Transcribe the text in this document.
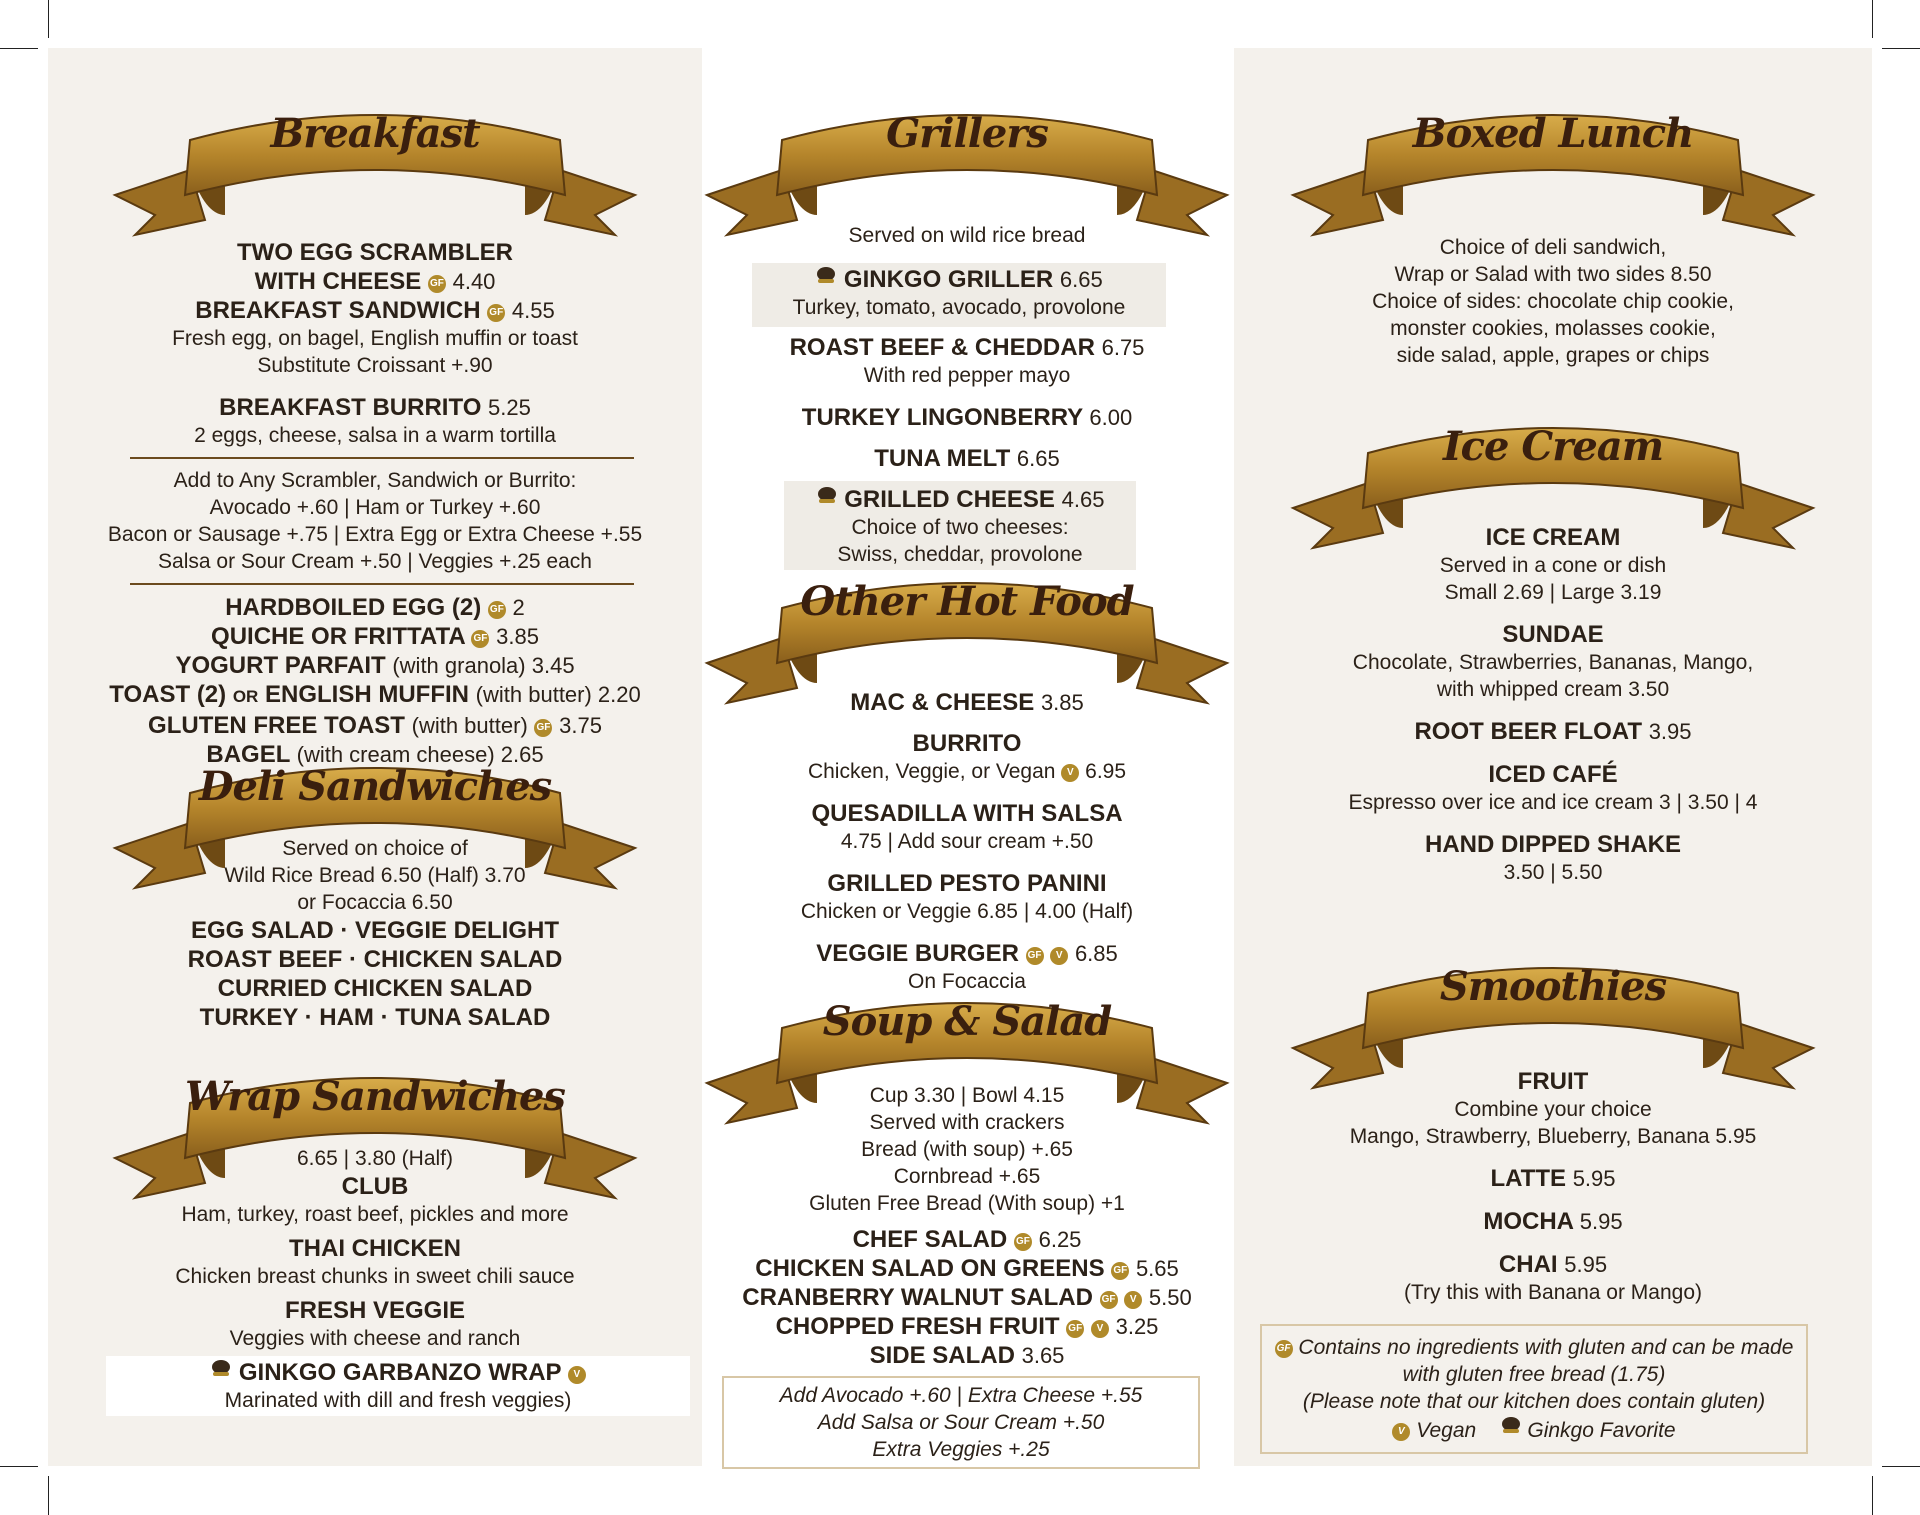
Breakfast
TWO EGG SCRAMBLER
WITH CHEESE GF 4.40
BREAKFAST SANDWICH GF 4.55
Fresh egg, on bagel, English muffin or toast
Substitute Croissant +.90
BREAKFAST BURRITO 5.25
2 eggs, cheese, salsa in a warm tortilla
Add to Any Scrambler, Sandwich or Burrito:
Avocado +.60 | Ham or Turkey +.60
Bacon or Sausage +.75 | Extra Egg or Extra Cheese +.55
Salsa or Sour Cream +.50 | Veggies +.25 each
HARDBOILED EGG (2) GF 2
QUICHE OR FRITTATA GF 3.85
YOGURT PARFAIT (with granola) 3.45
TOAST (2) OR ENGLISH MUFFIN (with butter) 2.20
GLUTEN FREE TOAST (with butter) GF 3.75
BAGEL (with cream cheese) 2.65
Deli Sandwiches
Served on choice of
Wild Rice Bread 6.50 (Half) 3.70
or Focaccia 6.50
EGG SALAD · VEGGIE DELIGHT
ROAST BEEF · CHICKEN SALAD
CURRIED CHICKEN SALAD
TURKEY · HAM · TUNA SALAD
Wrap Sandwiches
6.65 | 3.80 (Half)
CLUB
Ham, turkey, roast beef, pickles and more
THAI CHICKEN
Chicken breast chunks in sweet chili sauce
FRESH VEGGIE
Veggies with cheese and ranch
GINKGO GARBANZO WRAP V
Marinated with dill and fresh veggies)
Grillers
Served on wild rice bread
GINKGO GRILLER 6.65
Turkey, tomato, avocado, provolone
ROAST BEEF & CHEDDAR 6.75
With red pepper mayo
TURKEY LINGONBERRY 6.00
TUNA MELT 6.65
GRILLED CHEESE 4.65
Choice of two cheeses:
Swiss, cheddar, provolone
Other Hot Food
MAC & CHEESE 3.85
BURRITO
Chicken, Veggie, or Vegan V 6.95
QUESADILLA WITH SALSA
4.75 | Add sour cream +.50
GRILLED PESTO PANINI
Chicken or Veggie 6.85 | 4.00 (Half)
VEGGIE BURGER GF V 6.85
On Focaccia
Soup & Salad
Cup 3.30 | Bowl 4.15
Served with crackers
Bread (with soup) +.65
Cornbread +.65
Gluten Free Bread (With soup) +1
CHEF SALAD GF 6.25
CHICKEN SALAD ON GREENS GF 5.65
CRANBERRY WALNUT SALAD GF V 5.50
CHOPPED FRESH FRUIT GF V 3.25
SIDE SALAD 3.65
Add Avocado +.60 | Extra Cheese +.55
Add Salsa or Sour Cream +.50
Extra Veggies +.25
Boxed Lunch
Choice of deli sandwich,
Wrap or Salad with two sides 8.50
Choice of sides: chocolate chip cookie,
monster cookies, molasses cookie,
side salad, apple, grapes or chips
Ice Cream
ICE CREAM
Served in a cone or dish
Small 2.69 | Large 3.19
SUNDAE
Chocolate, Strawberries, Bananas, Mango,
with whipped cream 3.50
ROOT BEER FLOAT 3.95
ICED CAFÉ
Espresso over ice and ice cream 3 | 3.50 | 4
HAND DIPPED SHAKE
3.50 | 5.50
Smoothies
FRUIT
Combine your choice
Mango, Strawberry, Blueberry, Banana 5.95
LATTE 5.95
MOCHA 5.95
CHAI 5.95
(Try this with Banana or Mango)
GF Contains no ingredients with gluten and can be made
with gluten free bread (1.75)
(Please note that our kitchen does contain gluten)
V Vegan Ginkgo Favorite
